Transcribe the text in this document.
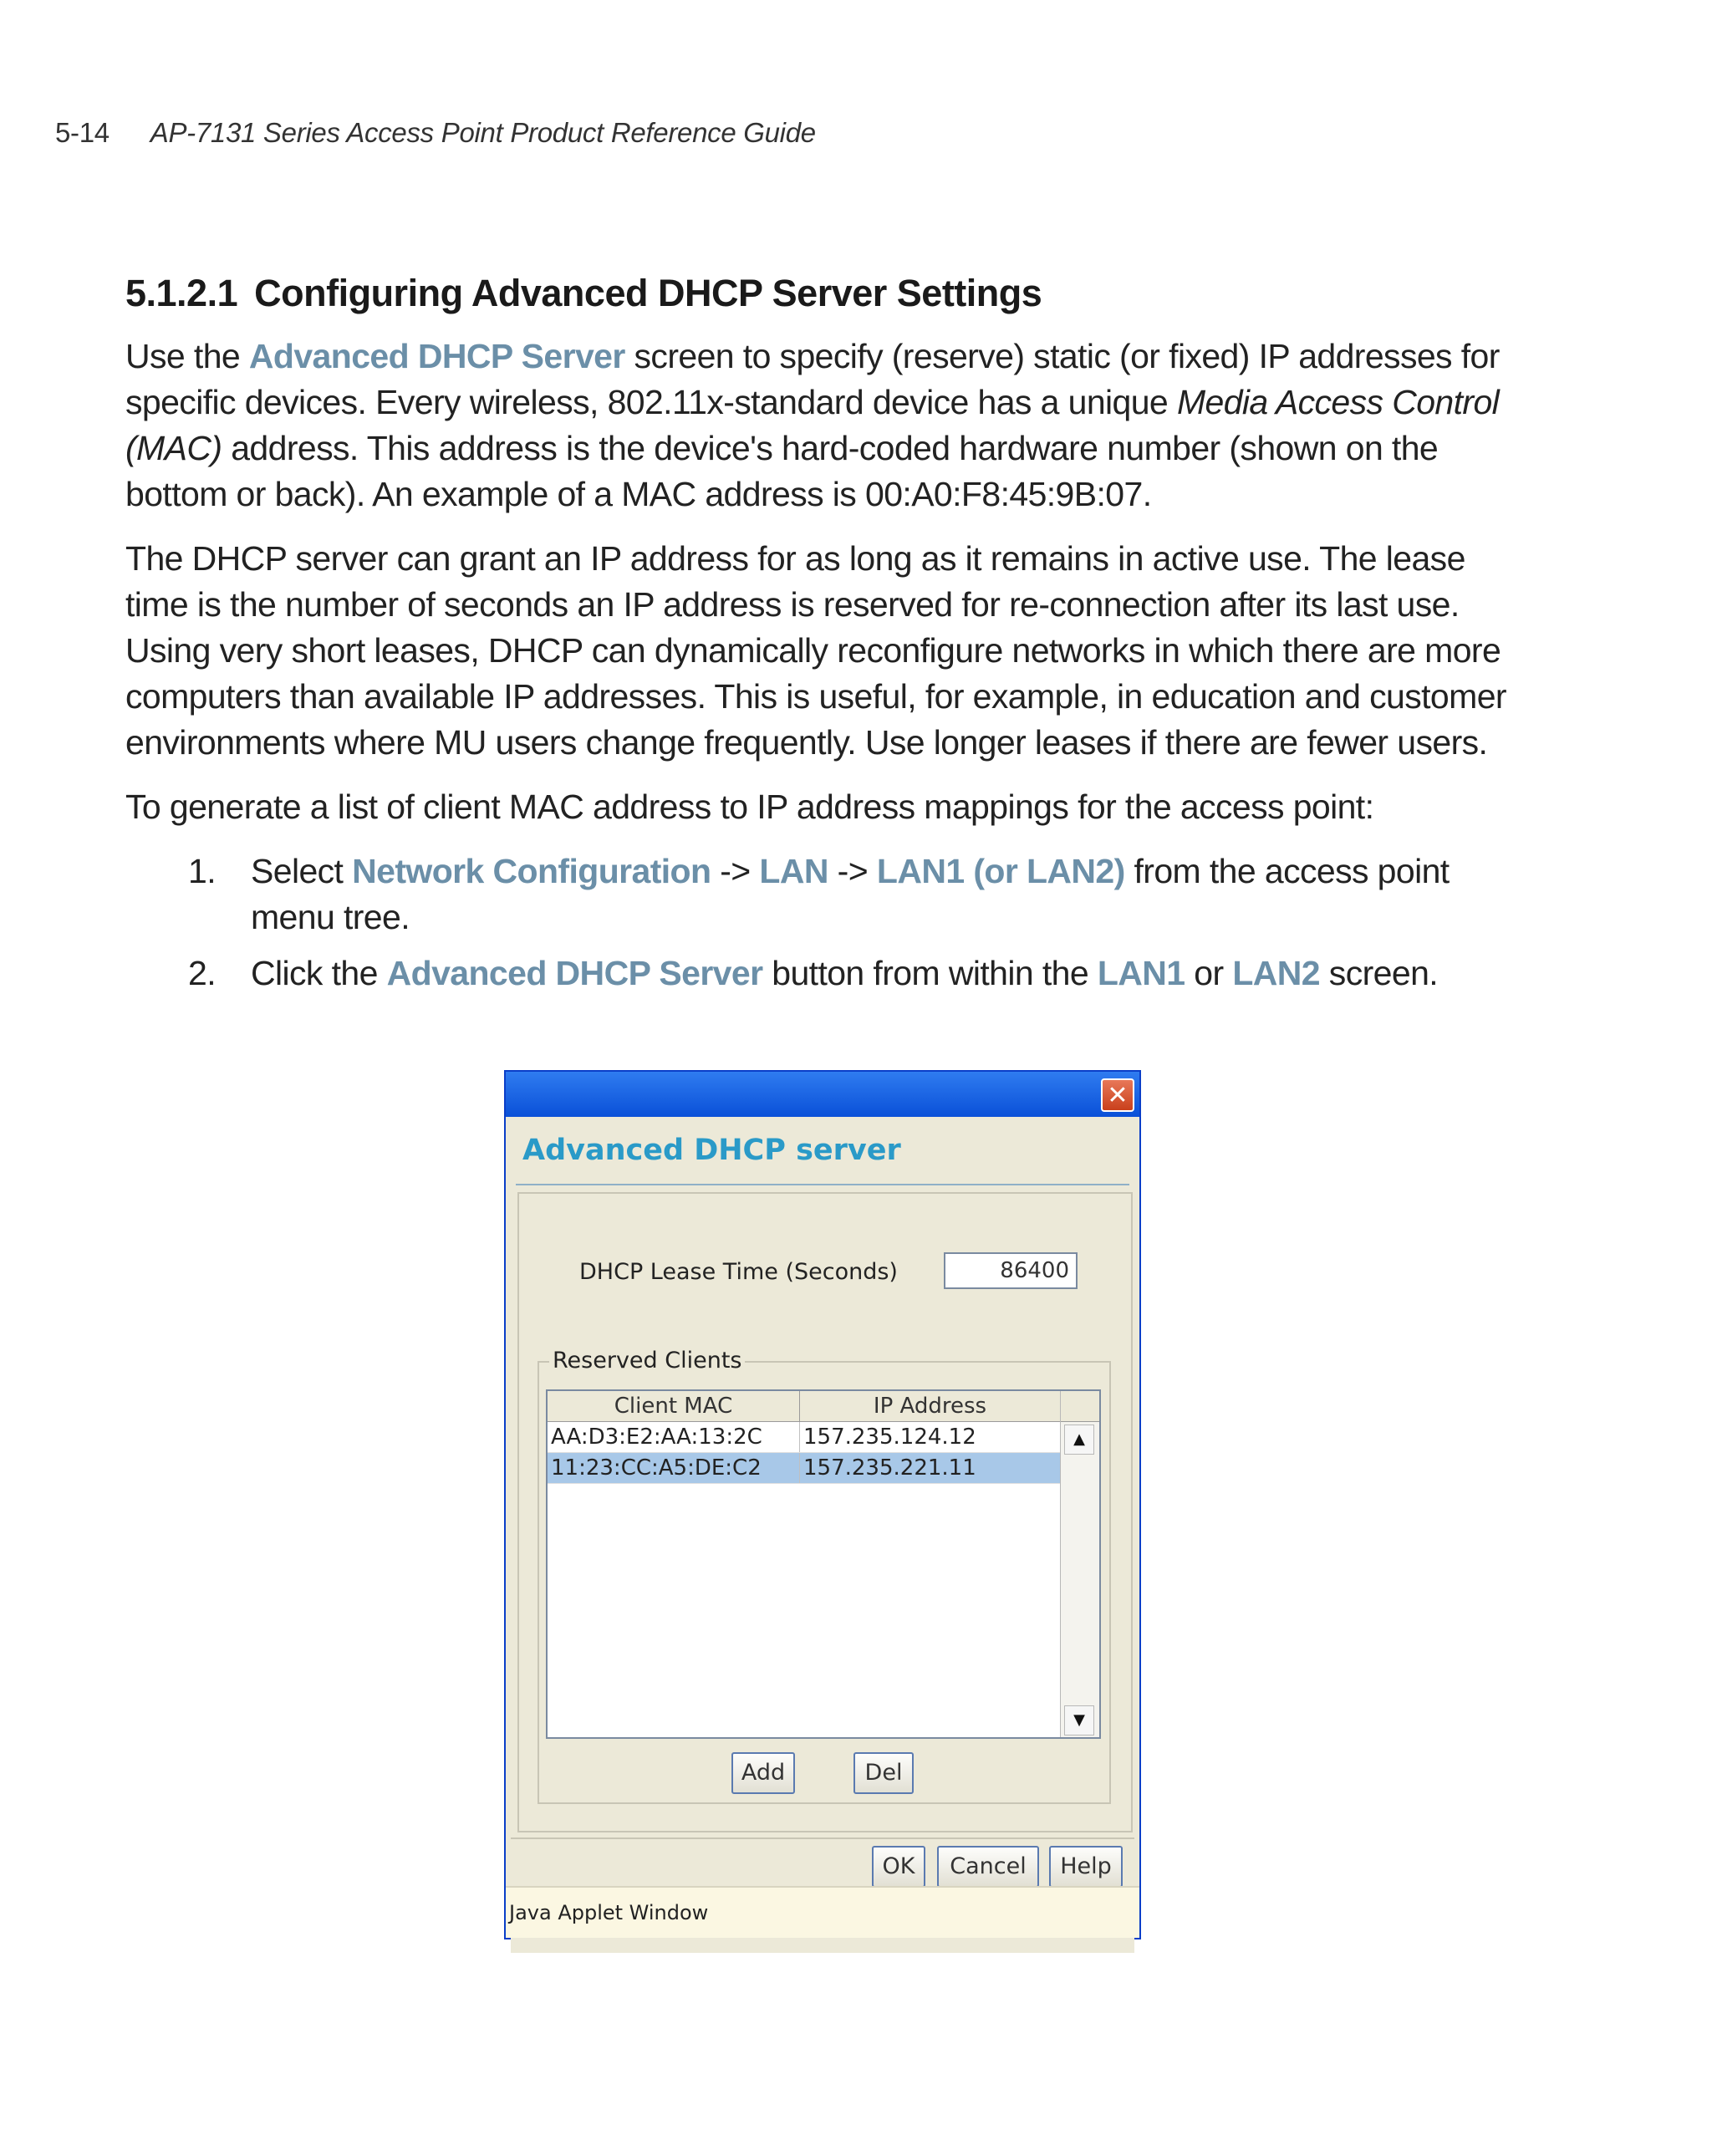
5-14 AP-7131 Series Access Point Product Reference Guide
5.1.2.1 Configuring Advanced DHCP Server Settings

Use the Advanced DHCP Server screen to specify (reserve) static (or fixed) IP addresses for specific devices. Every wireless, 802.11x-standard device has a unique Media Access Control (MAC) address. This address is the device's hard-coded hardware number (shown on the bottom or back). An example of a MAC address is 00:A0:F8:45:9B:07.

The DHCP server can grant an IP address for as long as it remains in active use. The lease time is the number of seconds an IP address is reserved for re-connection after its last use. Using very short leases, DHCP can dynamically reconfigure networks in which there are more computers than available IP addresses. This is useful, for example, in education and customer environments where MU users change frequently. Use longer leases if there are fewer users.

To generate a list of client MAC address to IP address mappings for the access point:

1. Select Network Configuration -> LAN -> LAN1 (or LAN2) from the access point menu tree.
2. Click the Advanced DHCP Server button from within the LAN1 or LAN2 screen.
✕
Advanced DHCP server
DHCP Lease Time (Seconds)	86400
Reserved Clients
Client MAC	IP Address
AA:D3:E2:AA:13:2C	157.235.124.12
11:23:CC:A5:DE:C2	157.235.221.11
▲
▼
Add	Del
OK	Cancel	Help
Java Applet Window
